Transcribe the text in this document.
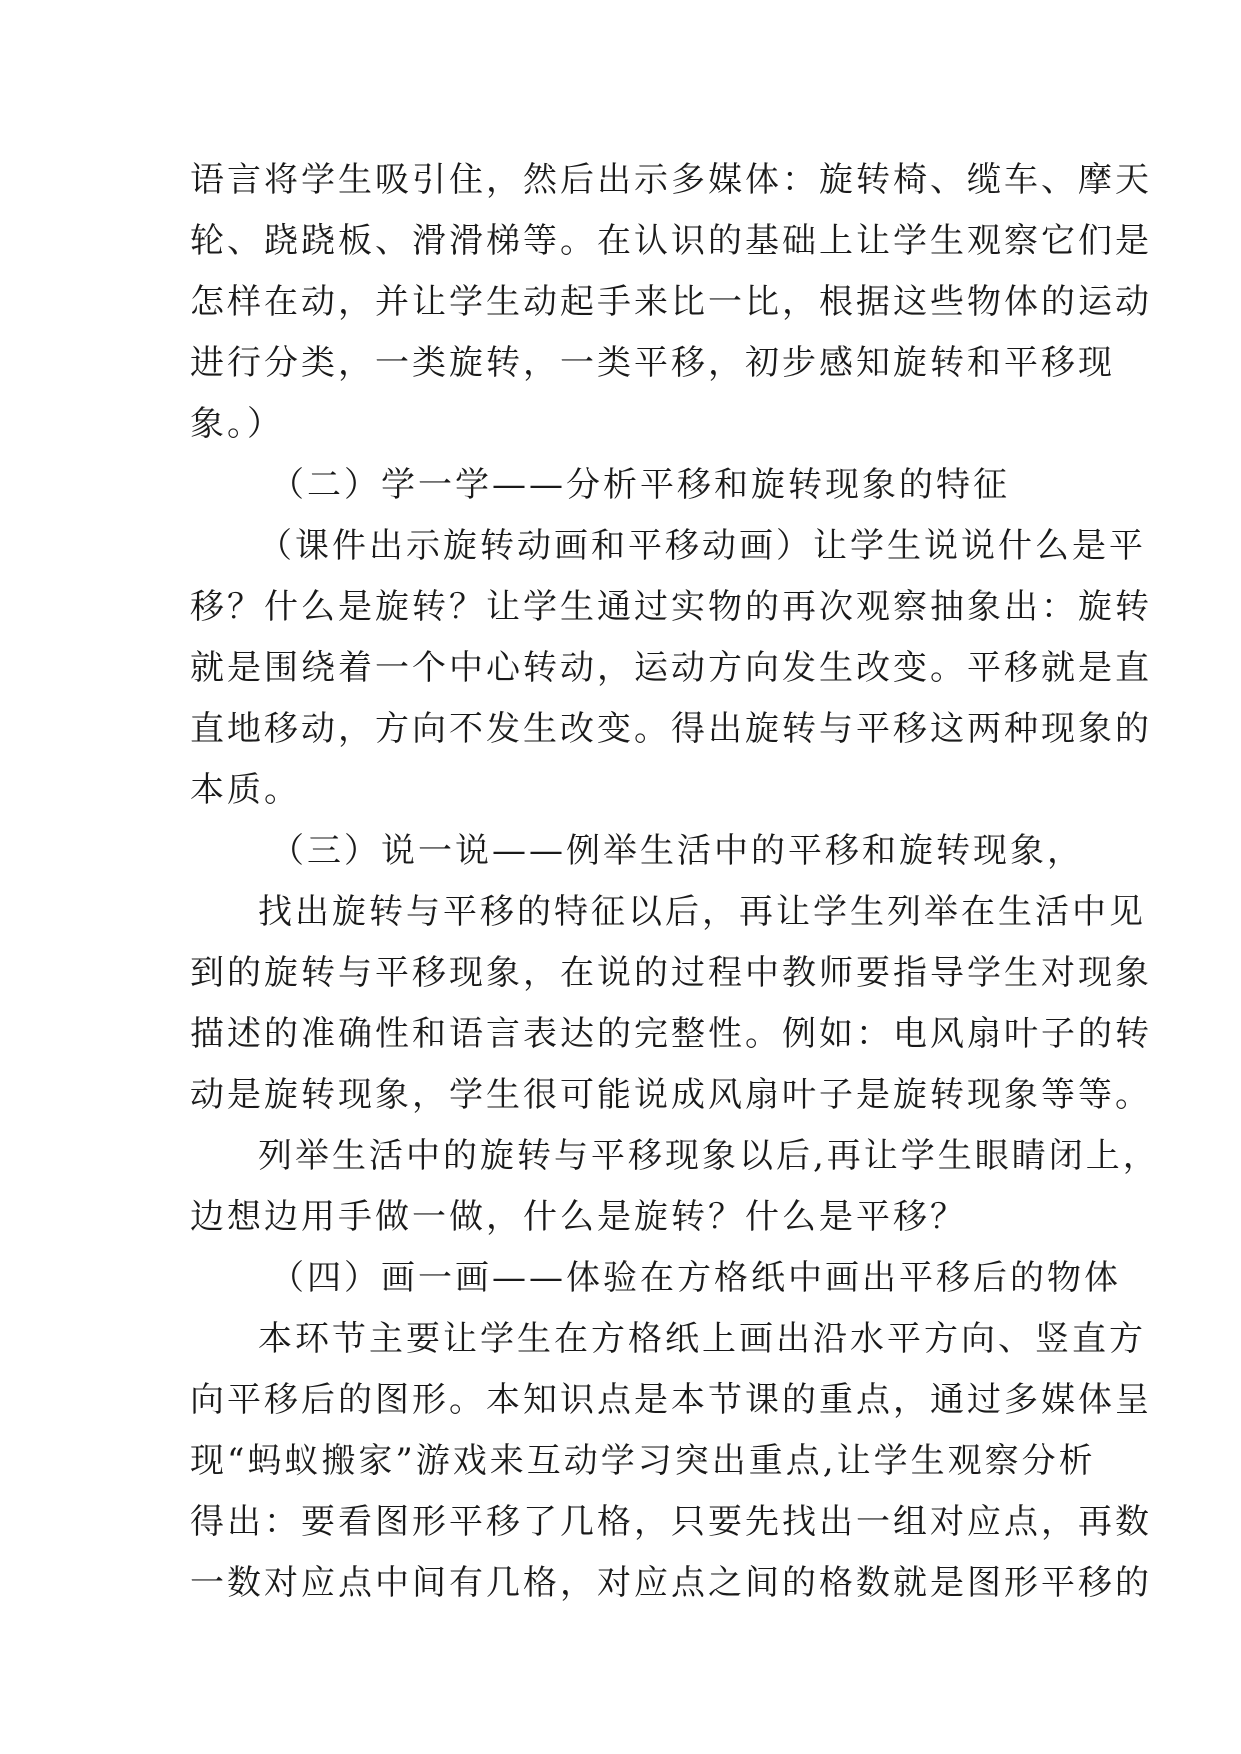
语言将学生吸引住，然后出示多媒体：旋转椅、缆车、摩天
轮、跷跷板、滑滑梯等。在认识的基础上让学生观察它们是
怎样在动，并让学生动起手来比一比，根据这些物体的运动
进行分类，一类旋转，一类平移，初步感知旋转和平移现
象。）
（二）学一学——分析平移和旋转现象的特征
（课件出示旋转动画和平移动画）让学生说说什么是平
移？什么是旋转？让学生通过实物的再次观察抽象出：旋转
就是围绕着一个中心转动，运动方向发生改变。平移就是直
直地移动，方向不发生改变。得出旋转与平移这两种现象的
本质。
（三）说一说——例举生活中的平移和旋转现象，
找出旋转与平移的特征以后，再让学生列举在生活中见
到的旋转与平移现象，在说的过程中教师要指导学生对现象
描述的准确性和语言表达的完整性。例如：电风扇叶子的转
动是旋转现象，学生很可能说成风扇叶子是旋转现象等等。
列举生活中的旋转与平移现象以后,再让学生眼睛闭上，
边想边用手做一做，什么是旋转？什么是平移？
（四）画一画——体验在方格纸中画出平移后的物体
本环节主要让学生在方格纸上画出沿水平方向、竖直方
向平移后的图形。本知识点是本节课的重点，通过多媒体呈
现“蚂蚁搬家”游戏来互动学习突出重点,让学生观察分析
得出：要看图形平移了几格，只要先找出一组对应点，再数
一数对应点中间有几格，对应点之间的格数就是图形平移的
